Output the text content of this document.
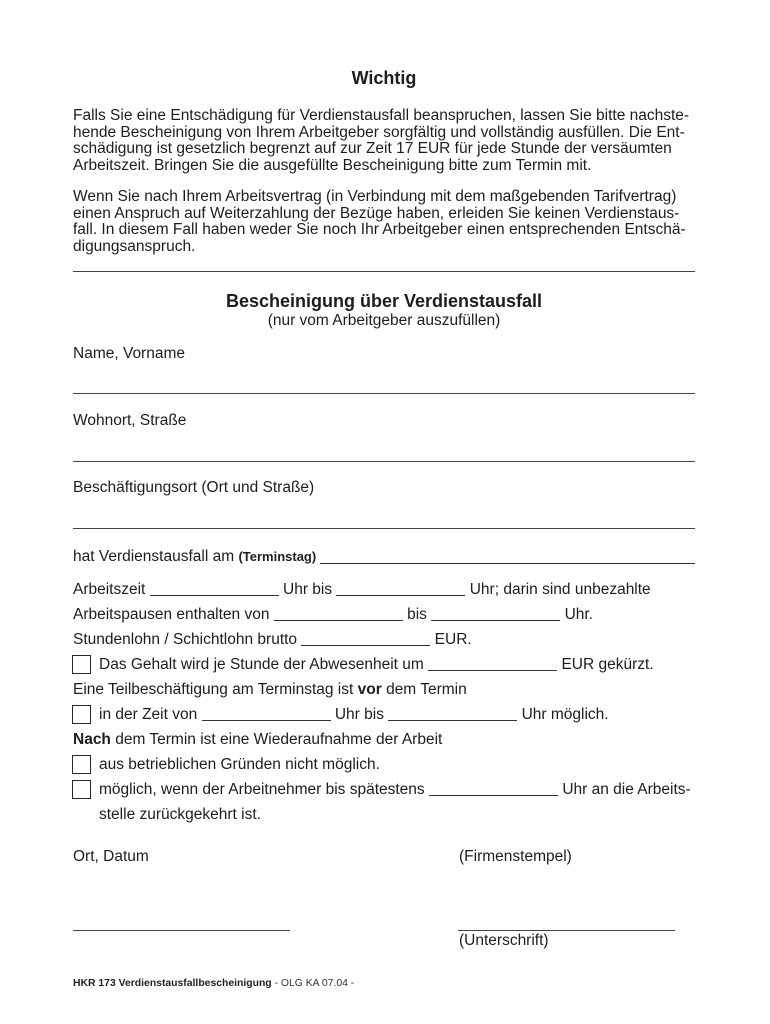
Wichtig
Falls Sie eine Entschädigung für Verdienstausfall beanspruchen, lassen Sie bitte nachste-
hende Bescheinigung von Ihrem Arbeitgeber sorgfältig und vollständig ausfüllen. Die Ent-
schädigung ist gesetzlich begrenzt auf zur Zeit 17 EUR für jede Stunde der versäumten
Arbeitszeit. Bringen Sie die ausgefüllte Bescheinigung bitte zum Termin mit.
Wenn Sie nach Ihrem Arbeitsvertrag (in Verbindung mit dem maßgebenden Tarifvertrag)
einen Anspruch auf Weiterzahlung der Bezüge haben, erleiden Sie keinen Verdienstaus-
fall. In diesem Fall haben weder Sie noch Ihr Arbeitgeber einen entsprechenden Entschä-
digungsanspruch.
Bescheinigung über Verdienstausfall
(nur vom Arbeitgeber auszufüllen)
Name, Vorname
Wohnort, Straße
Beschäftigungsort (Ort und Straße)
hat Verdienstausfall am (Terminstag)
Arbeitszeit	Uhr bis	Uhr; darin sind unbezahlte
Arbeitspausen enthalten von	bis	Uhr.
Stundenlohn / Schichtlohn brutto	EUR.
Das Gehalt wird je Stunde der Abwesenheit um	EUR gekürzt.
Eine Teilbeschäftigung am Terminstag ist vor dem Termin
in der Zeit von	Uhr bis	Uhr möglich.
Nach dem Termin ist eine Wiederaufnahme der Arbeit
aus betrieblichen Gründen nicht möglich.
möglich, wenn der Arbeitnehmer bis spätestens	Uhr an die Arbeits-
stelle zurückgekehrt ist.
Ort, Datum	(Firmenstempel)
(Unterschrift)
HKR 173 Verdienstausfallbescheinigung - OLG KA 07.04 -
